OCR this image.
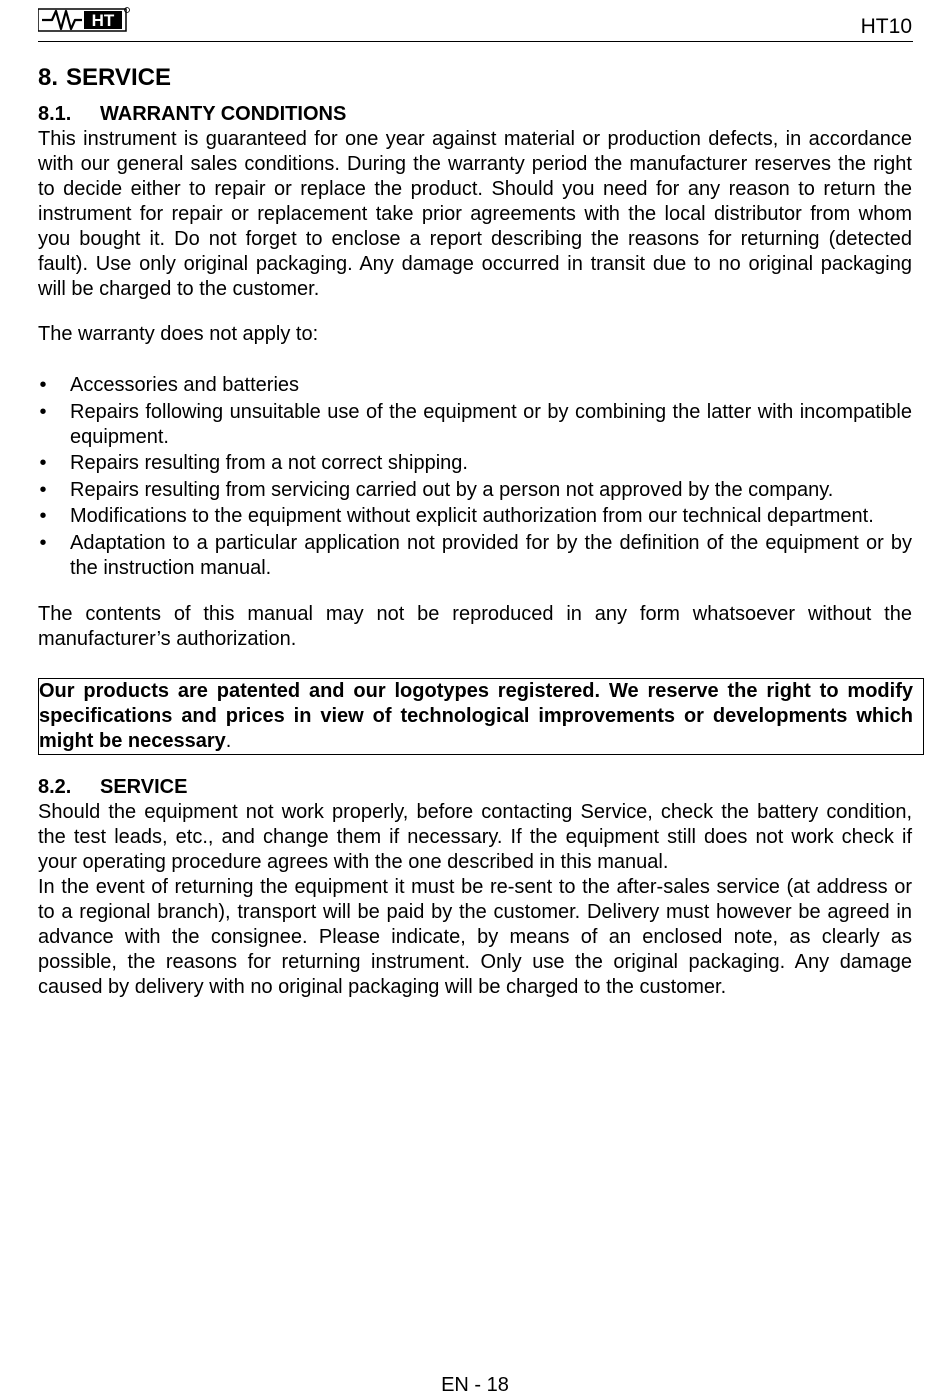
HT	HT10
8. SERVICE
8.1.	WARRANTY CONDITIONS

This instrument is guaranteed for one year against material or production defects, in accordance with our general sales conditions. During the warranty period the manufacturer reserves the right to decide either to repair or replace the product. Should you need for any reason to return the instrument for repair or replacement take prior agreements with the local distributor from whom you bought it. Do not forget to enclose a report describing the reasons for returning (detected fault). Use only original packaging. Any damage occurred in transit due to no original packaging will be charged to the customer.

The warranty does not apply to:

• Accessories and batteries
• Repairs following unsuitable use of the equipment or by combining the latter with incompatible equipment.
• Repairs resulting from a not correct shipping.
• Repairs resulting from servicing carried out by a person not approved by the company.
• Modifications to the equipment without explicit authorization from our technical department.
• Adaptation to a particular application not provided for by the definition of the equipment or by the instruction manual.

The contents of this manual may not be reproduced in any form whatsoever without the manufacturer’s authorization.

Our products are patented and our logotypes registered. We reserve the right to modify specifications and prices in view of technological improvements or developments which might be necessary.

8.2.	SERVICE

Should the equipment not work properly, before contacting Service, check the battery condition, the test leads, etc., and change them if necessary. If the equipment still does not work check if your operating procedure agrees with the one described in this manual.

In the event of returning the equipment it must be re-sent to the after-sales service (at address or to a regional branch), transport will be paid by the customer. Delivery must however be agreed in advance with the consignee. Please indicate, by means of an enclosed note, as clearly as possible, the reasons for returning instrument. Only use the original packaging. Any damage caused by delivery with no original packaging will be charged to the customer.

EN - 18
